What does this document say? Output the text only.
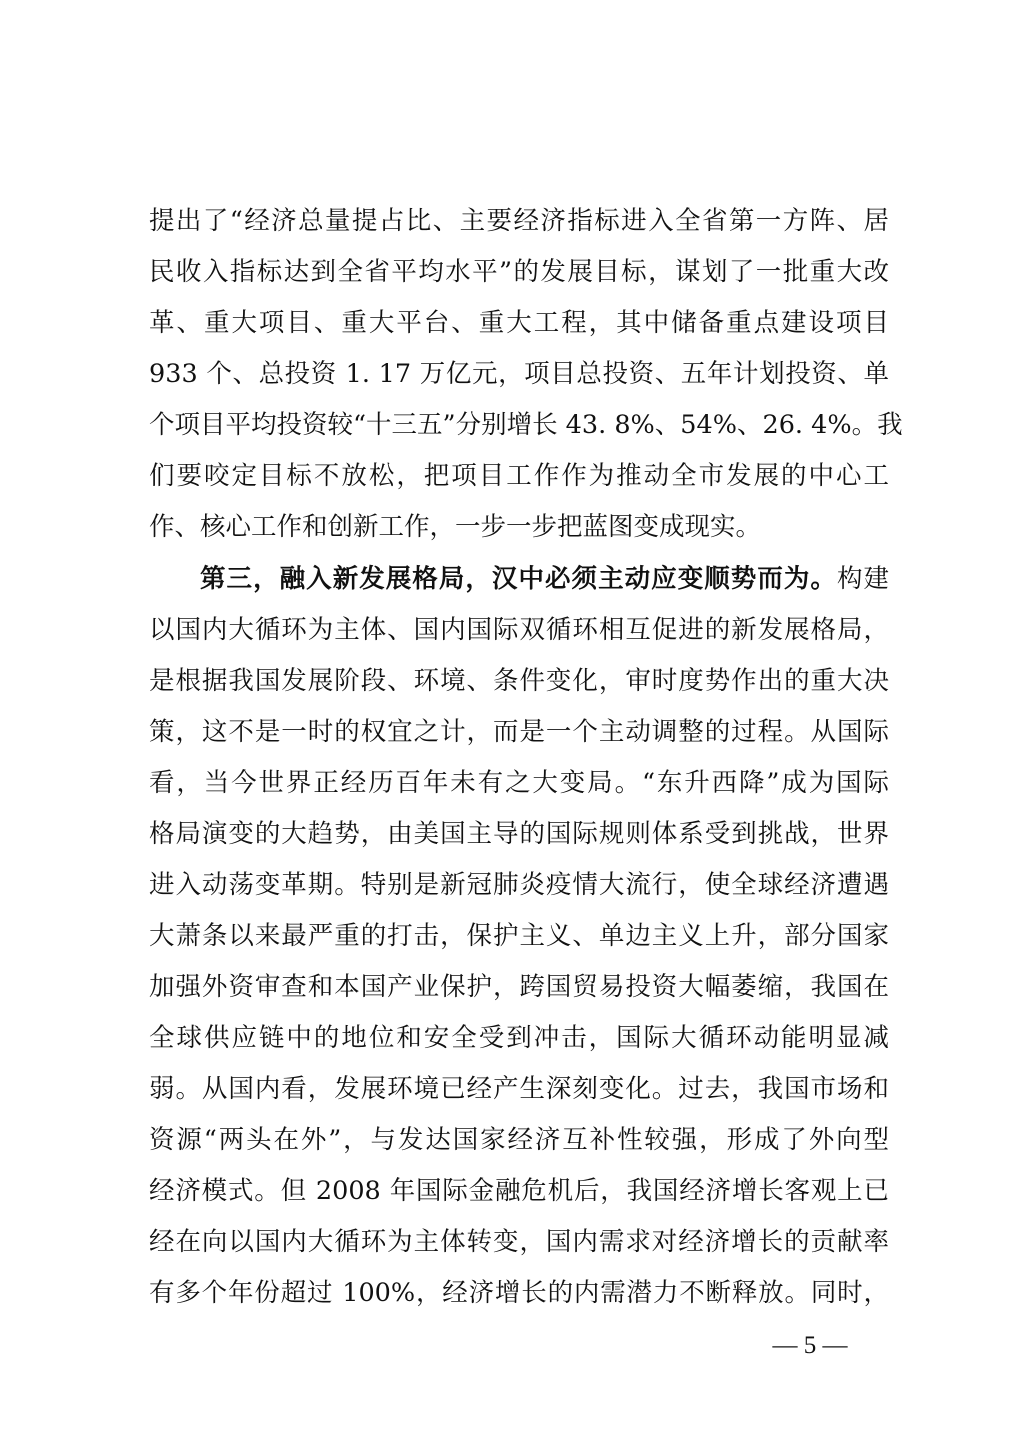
提出了“经济总量提占比、主要经济指标进入全省第一方阵、居
民收入指标达到全省平均水平”的发展目标，谋划了一批重大改
革、重大项目、重大平台、重大工程，其中储备重点建设项目
933 个、总投资 1. 17 万亿元，项目总投资、五年计划投资、单
个项目平均投资较“十三五”分别增长 43. 8%、54%、26. 4%。我
们要咬定目标不放松，把项目工作作为推动全市发展的中心工
作、核心工作和创新工作，一步一步把蓝图变成现实。
第三，融入新发展格局，汉中必须主动应变顺势而为。构建
以国内大循环为主体、国内国际双循环相互促进的新发展格局，
是根据我国发展阶段、环境、条件变化，审时度势作出的重大决
策，这不是一时的权宜之计，而是一个主动调整的过程。从国际
看，当今世界正经历百年未有之大变局。“东升西降”成为国际
格局演变的大趋势，由美国主导的国际规则体系受到挑战，世界
进入动荡变革期。特别是新冠肺炎疫情大流行，使全球经济遭遇
大萧条以来最严重的打击，保护主义、单边主义上升，部分国家
加强外资审查和本国产业保护，跨国贸易投资大幅萎缩，我国在
全球供应链中的地位和安全受到冲击，国际大循环动能明显减
弱。从国内看，发展环境已经产生深刻变化。过去，我国市场和
资源“两头在外”，与发达国家经济互补性较强，形成了外向型
经济模式。但 2008 年国际金融危机后，我国经济增长客观上已
经在向以国内大循环为主体转变，国内需求对经济增长的贡献率
有多个年份超过 100%，经济增长的内需潜力不断释放。同时，
— 5 —
